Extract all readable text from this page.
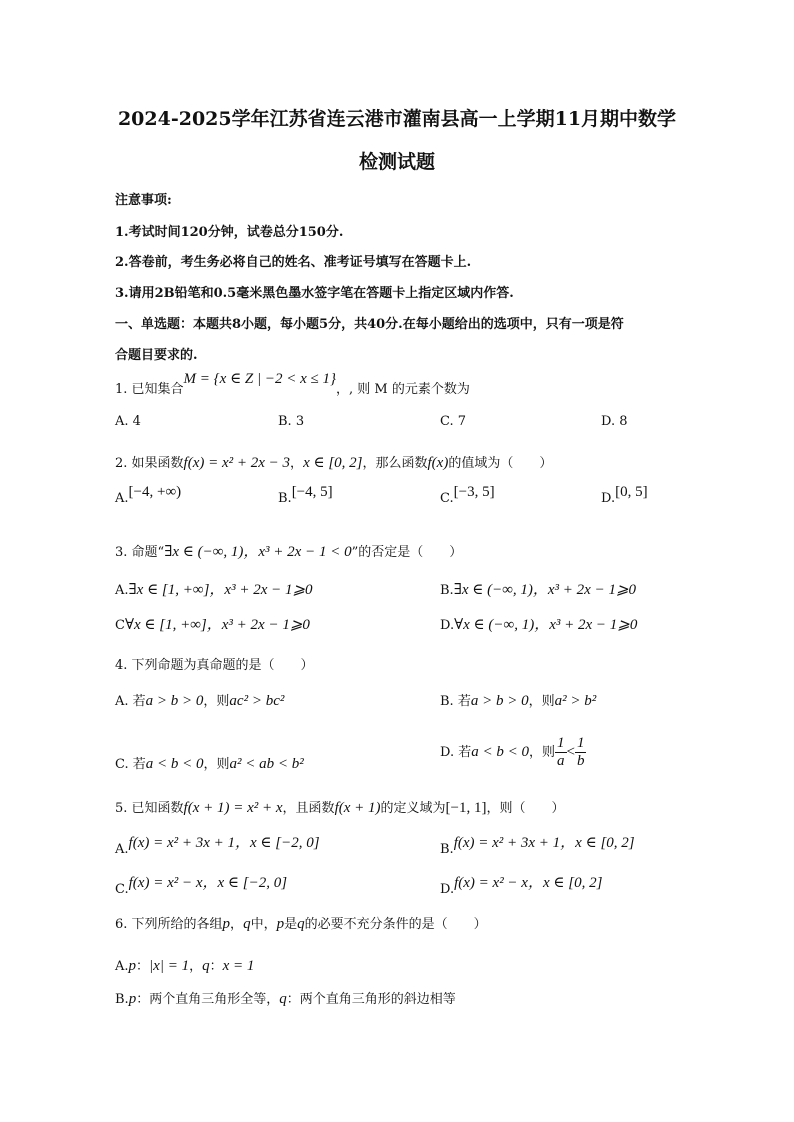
2024-2025学年江苏省连云港市灌南县高一上学期11月期中数学
检测试题
注意事项:
1.考试时间120分钟，试卷总分150分.
2.答卷前，考生务必将自己的姓名、准考证号填写在答题卡上.
3.请用2B铅笔和0.5毫米黑色墨水签字笔在答题卡上指定区域内作答.
一、单选题：本题共8小题，每小题5分，共40分.在每小题给出的选项中，只有一项是符
合题目要求的.
1. 已知集合M = {x ∈ Z | −2 < x ≤ 1}，, 则 M 的元素个数为
A. 4	B. 3	C. 7	D. 8
2. 如果函数f(x) = x² + 2x − 3，x ∈ [0, 2]，那么函数f(x)的值域为（　　）
A.[−4, +∞)	B.[−4, 5]	C.[−3, 5]	D.[0, 5]
3. 命题“∃x ∈ (−∞, 1)，x³ + 2x − 1 < 0”的否定是（　　）
A.∃x ∈ [1, +∞]，x³ + 2x − 1⩾0	B.∃x ∈ (−∞, 1)，x³ + 2x − 1⩾0
C∀x ∈ [1, +∞]，x³ + 2x − 1⩾0	D.∀x ∈ (−∞, 1)，x³ + 2x − 1⩾0
4. 下列命题为真命题的是（　　）
A. 若a > b > 0，则ac² > bc²	B. 若a > b > 0，则a² > b²
C. 若a < b < 0，则a² < ab < b²
D. 若a < b < 0，则 $\frac{1}{a} < \frac{1}{b}$
5. 已知函数f(x + 1) = x² + x，且函数f(x + 1)的定义域为[−1, 1]，则（　　）
A.f(x) = x² + 3x + 1，x ∈ [−2, 0]	B.f(x) = x² + 3x + 1，x ∈ [0, 2]
C.f(x) = x² − x，x ∈ [−2, 0]	D.f(x) = x² − x，x ∈ [0, 2]
6. 下列所给的各组p，q中，p是q的必要不充分条件的是（　　）
A.p：|x| = 1，q：x = 1
B.p：两个直角三角形全等，q：两个直角三角形的斜边相等
